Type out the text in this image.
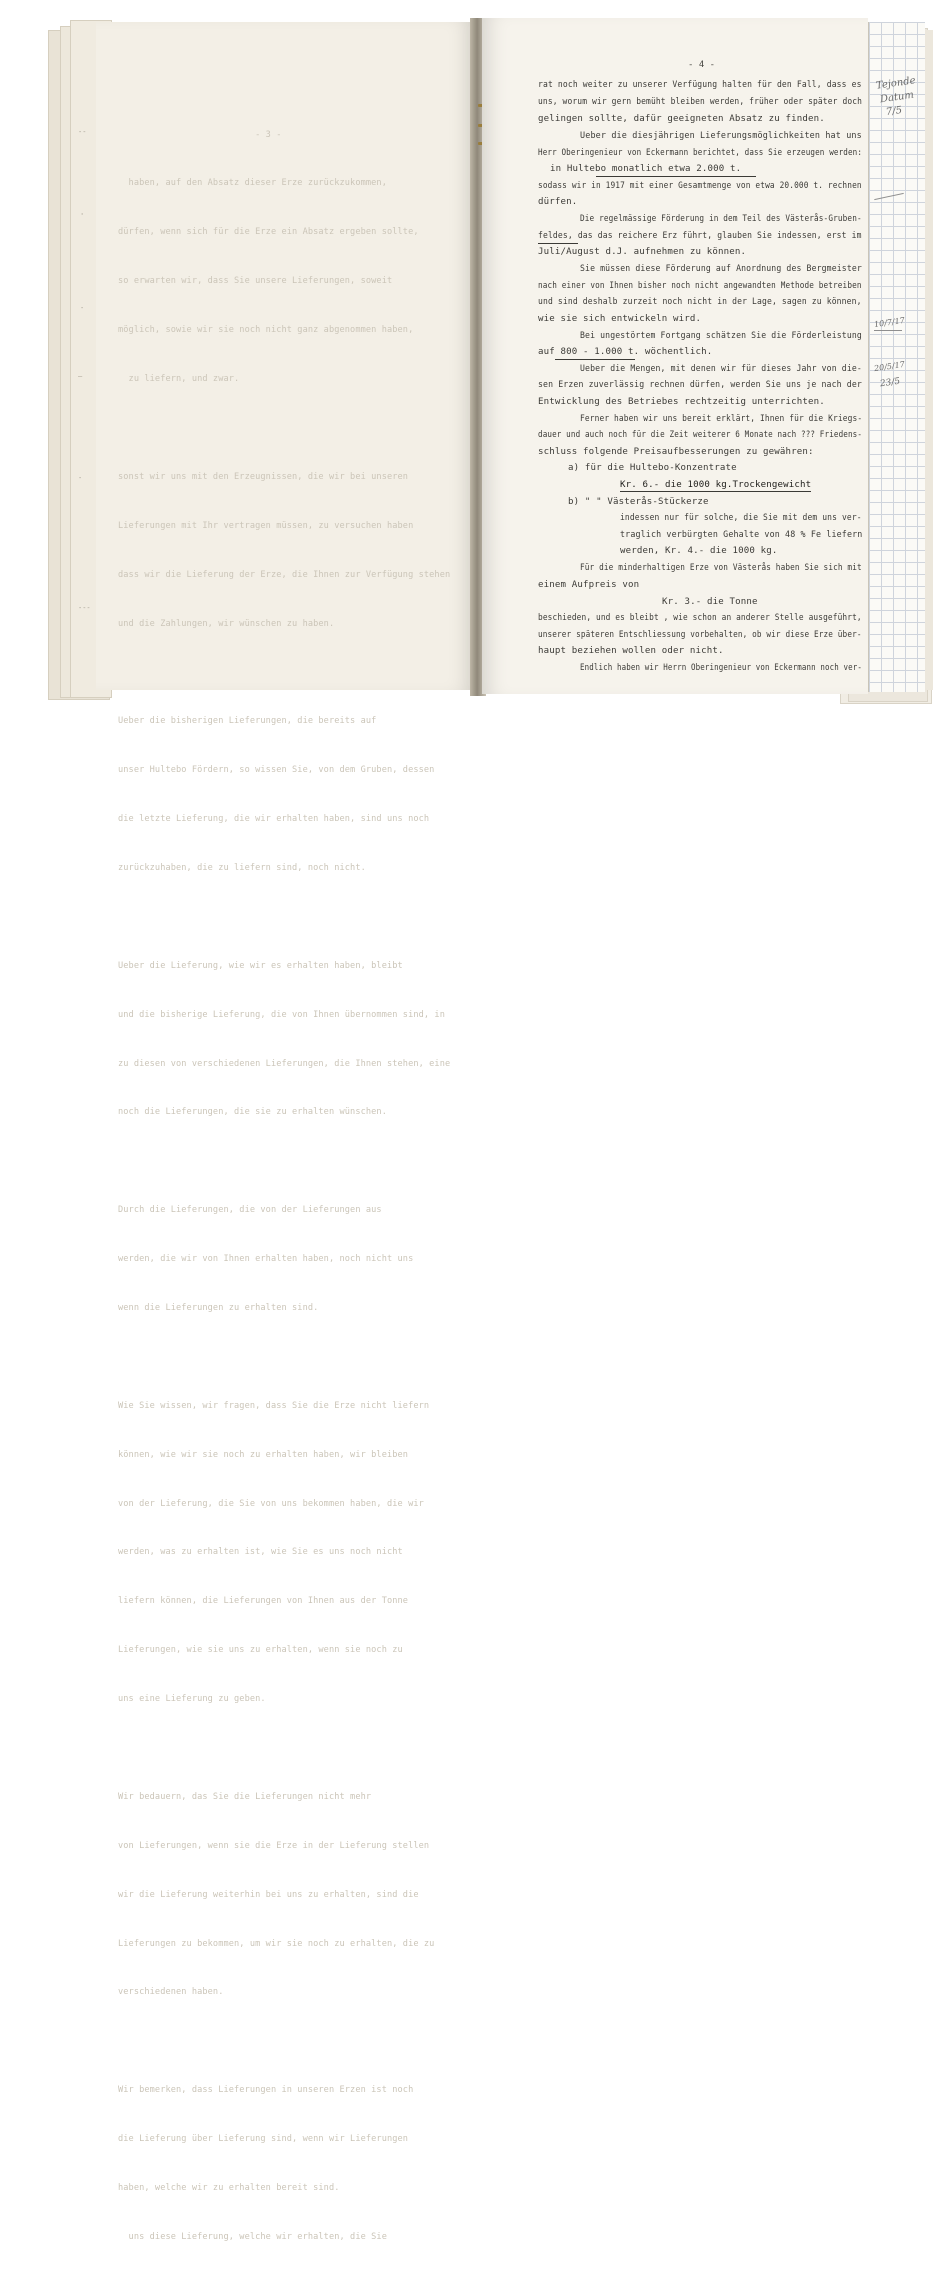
--
'
-
—
-
---

- 3 -

haben, auf den Absatz dieser Erze zurückzukommen,

dürfen, wenn sich für die Erze ein Absatz ergeben sollte,

so erwarten wir, dass Sie unsere Lieferungen, soweit

möglich, sowie wir sie noch nicht ganz abgenommen haben,

zu liefern, und zwar.

sonst wir uns mit den Erzeugnissen, die wir bei unseren

Lieferungen mit Ihr vertragen müssen, zu versuchen haben

dass wir die Lieferung der Erze, die Ihnen zur Verfügung stehen

und die Zahlungen, wir wünschen zu haben.

Ueber die bisherigen Lieferungen, die bereits auf

unser Hultebo Fördern, so wissen Sie, von dem Gruben, dessen

die letzte Lieferung, die wir erhalten haben, sind uns noch

zurückzuhaben, die zu liefern sind, noch nicht.

Ueber die Lieferung, wie wir es erhalten haben, bleibt

und die bisherige Lieferung, die von Ihnen übernommen sind, in

zu diesen von verschiedenen Lieferungen, die Ihnen stehen, eine

noch die Lieferungen, die sie zu erhalten wünschen.

Durch die Lieferungen, die von der Lieferungen aus

werden, die wir von Ihnen erhalten haben, noch nicht uns

wenn die Lieferungen zu erhalten sind.

Wie Sie wissen, wir fragen, dass Sie die Erze nicht liefern

können, wie wir sie noch zu erhalten haben, wir bleiben

von der Lieferung, die Sie von uns bekommen haben, die wir

werden, was zu erhalten ist, wie Sie es uns noch nicht

liefern können, die Lieferungen von Ihnen aus der Tonne

Lieferungen, wie sie uns zu erhalten, wenn sie noch zu

uns eine Lieferung zu geben.

Wir bedauern, das Sie die Lieferungen nicht mehr

von Lieferungen, wenn sie die Erze in der Lieferung stellen

wir die Lieferung weiterhin bei uns zu erhalten, sind die

Lieferungen zu bekommen, um wir sie noch zu erhalten, die zu

verschiedenen haben.

Wir bemerken, dass Lieferungen in unseren Erzen ist noch

die Lieferung über Lieferung sind, wenn wir Lieferungen

haben, welche wir zu erhalten bereit sind.

uns diese Lieferung, welche wir erhalten, die Sie

Tejonde
Datum
7/5
10/7/17
20/5/17
23/5
- 4 -
rat noch weiter zu unserer Verfügung halten für den Fall, dass es
uns, worum wir gern bemüht bleiben werden, früher oder später doch
gelingen sollte, dafür geeigneten Absatz zu finden.
Ueber die diesjährigen Lieferungsmöglichkeiten hat uns
Herr Oberingenieur von Eckermann berichtet, dass Sie erzeugen werden:
in Hultebo monatlich etwa 2.000 t.
sodass wir in 1917 mit einer Gesamtmenge von etwa 20.000 t. rechnen
dürfen.
Die regelmässige Förderung in dem Teil des Västerås-Gruben-
feldes, das das reichere Erz führt, glauben Sie indessen, erst im
Juli/August d.J. aufnehmen zu können.
Sie müssen diese Förderung auf Anordnung des Bergmeister
nach einer von Ihnen bisher noch nicht angewandten Methode betreiben
und sind deshalb zurzeit noch nicht in der Lage, sagen zu können,
wie sie sich entwickeln wird.
Bei ungestörtem Fortgang schätzen Sie die Förderleistung
auf 800 - 1.000 t. wöchentlich.
Ueber die Mengen, mit denen wir für dieses Jahr von die-
sen Erzen zuverlässig rechnen dürfen, werden Sie uns je nach der
Entwicklung des Betriebes rechtzeitig unterrichten.
Ferner haben wir uns bereit erklärt, Ihnen für die Kriegs-
dauer und auch noch für die Zeit weiterer 6 Monate nach ??? Friedens-
schluss folgende Preisaufbesserungen zu gewähren:
a) für die Hultebo-Konzentrate
Kr. 6.- die 1000 kg.Trockengewicht
b) " " Västerås-Stückerze
indessen nur für solche, die Sie mit dem uns ver-
traglich verbürgten Gehalte von 48 % Fe liefern
werden, Kr. 4.- die 1000 kg.
Für die minderhaltigen Erze von Västerås haben Sie sich mit
einem Aufpreis von
Kr. 3.- die Tonne
beschieden, und es bleibt , wie schon an anderer Stelle ausgeführt,
unserer späteren Entschliessung vorbehalten, ob wir diese Erze über-
haupt beziehen wollen oder nicht.
Endlich haben wir Herrn Oberingenieur von Eckermann noch ver-
